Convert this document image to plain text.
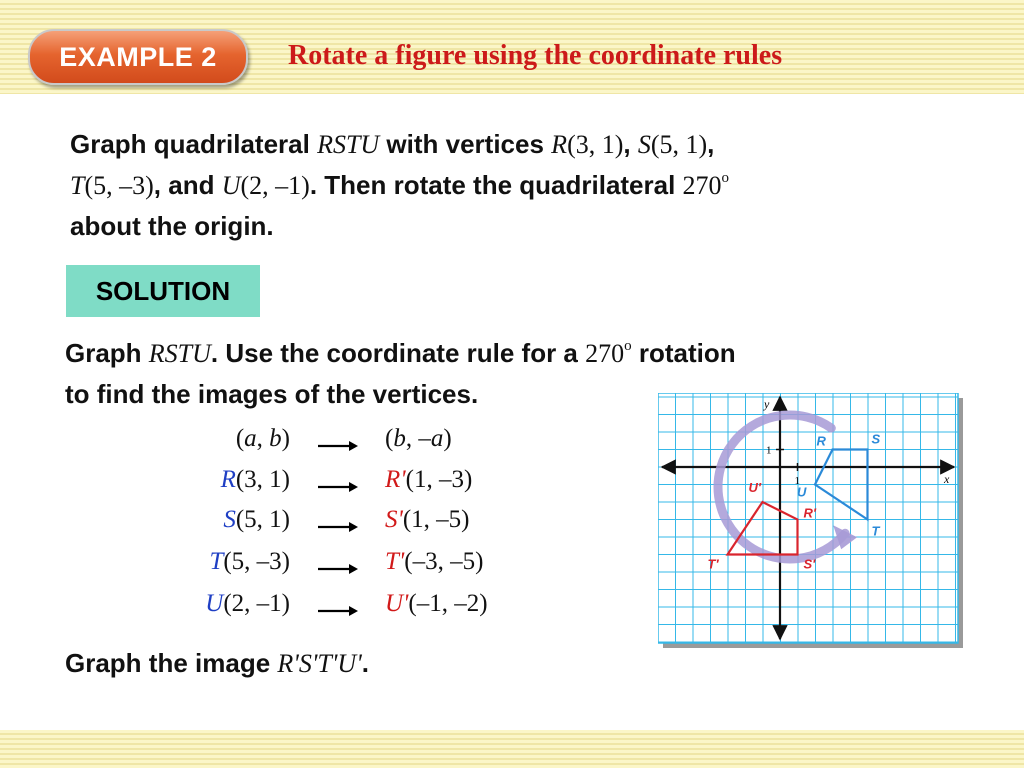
EXAMPLE 2	Rotate a figure using the coordinate rules
Graph quadrilateral RSTU with vertices R(3, 1), S(5, 1),
T(5, –3), and U(2, –1). Then rotate the quadrilateral 270$^o$
about the origin.
SOLUTION
Graph RSTU. Use the coordinate rule for a 270$^o$ rotation
to find the images of the vertices.
(a, b)	(b, –a)
R(3, 1)	R'(1, –3)
S(5, 1)	S'(1, –5)
T(5, –3)	T'(–3, –5)
U(2, –1)	U'(–1, –2)
1
1
x
y
R	S
T
U
R′
S′
T′
U′
Graph the image R'S'T'U'.
